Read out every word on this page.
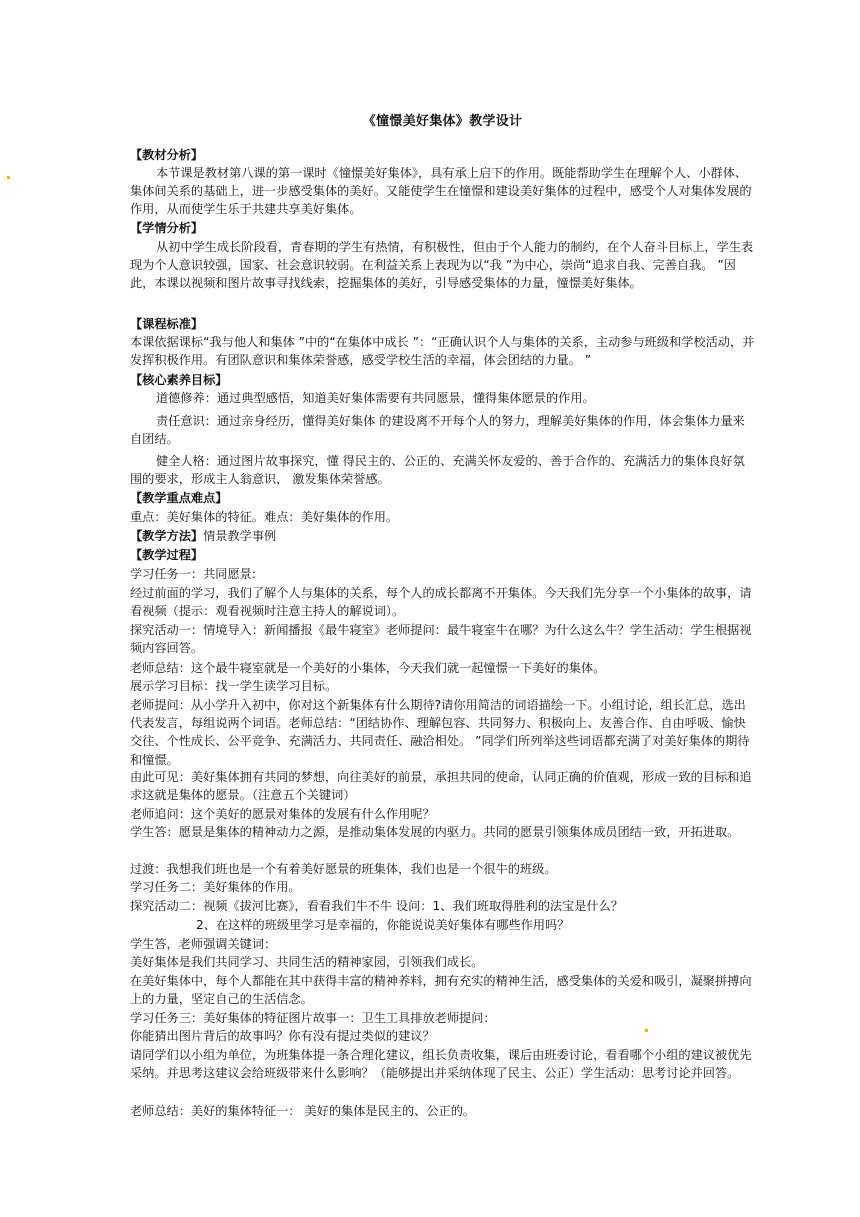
《憧憬美好集体》教学设计
【教材分析】

本节课是教材第八课的第一课时《憧憬美好集体》，具有承上启下的作用。既能帮助学生在理解个人、小群体、集体间关系的基础上，进一步感受集体的美好。又能使学生在憧憬和建设美好集体的过程中，感受个人对集体发展的作用，从而使学生乐于共建共享美好集体。

【学情分析】

从初中学生成长阶段看，青春期的学生有热情，有积极性，但由于个人能力的制约，在个人奋斗目标上，学生表现为个人意识较强，国家、社会意识较弱。在利益关系上表现为以“我 ”为中心，崇尚“追求自我、完善自我。 ”因此，本课以视频和图片故事寻找线索，挖掘集体的美好，引导感受集体的力量，憧憬美好集体。

【课程标准】

本课依据课标“我与他人和集体 ”中的“在集体中成长 ”：“正确认识个人与集体的关系，主动参与班级和学校活动，并发挥积极作用。有团队意识和集体荣誉感，感受学校生活的幸福，体会团结的力量。 ”

【核心素养目标】

道德修养：通过典型感悟，知道美好集体需要有共同愿景，懂得集体愿景的作用。

责任意识：通过亲身经历，懂得美好集体 的建设离不开每个人的努力，理解美好集体的作用，体会集体力量来自团结。

健全人格：通过图片故事探究，懂 得民主的、公正的、充满关怀友爱的、善于合作的、充满活力的集体良好氛围的要求，形成主人翁意识， 激发集体荣誉感。

【教学重点难点】

重点：美好集体的特征。难点：美好集体的作用。

【教学方法】情景教学事例
【教学过程】

学习任务一：共同愿景:

经过前面的学习，我们了解个人与集体的关系，每个人的成长都离不开集体。今天我们先分享一个小集体的故事，请看视频（提示：观看视频时注意主持人的解说词）。

探究活动一：情境导入：新闻播报《最牛寝室》老师提问：最牛寝室牛在哪？为什么这么牛？学生活动：学生根据视频内容回答。

老师总结：这个最牛寝室就是一个美好的小集体，今天我们就一起憧憬一下美好的集体。

展示学习目标：找一学生读学习目标。

老师提问：从小学升入初中，你对这个新集体有什么期待?请你用简洁的词语描绘一下。小组讨论，组长汇总，选出代表发言，每组说两个词语。老师总结：“团结协作、理解包容、共同努力、积极向上、友善合作、自由呼吸、愉快交往、个性成长、公平竞争、充满活力、共同责任、融洽相处。 ”同学们所列举这些词语都充满了对美好集体的期待和憧憬。

由此可见：美好集体拥有共同的梦想，向往美好的前景，承担共同的使命，认同正确的价值观，形成一致的目标和追求这就是集体的愿景。（注意五个关键词）

老师追问：这个美好的愿景对集体的发展有什么作用呢？

学生答：愿景是集体的精神动力之源，是推动集体发展的内驱力。共同的愿景引领集体成员团结一致，开拓进取。

过渡：我想我们班也是一个有着美好愿景的班集体，我们也是一个很牛的班级。

学习任务二：美好集体的作用。

探究活动二：视频《拔河比赛》，看看我们牛不牛 设问：1、我们班取得胜利的法宝是什么？

2、在这样的班级里学习是幸福的，你能说说美好集体有哪些作用吗？

学生答，老师强调关键词：

美好集体是我们共同学习、共同生活的精神家园，引领我们成长。

在美好集体中，每个人都能在其中获得丰富的精神养料，拥有充实的精神生活，感受集体的关爱和吸引，凝聚拼搏向上的力量，坚定自己的生活信念。

学习任务三：美好集体的特征图片故事一：卫生工具排放老师提问：

你能猜出图片背后的故事吗？你有没有提过类似的建议？

请同学们以小组为单位，为班集体提一条合理化建议，组长负责收集，课后由班委讨论，看看哪个小组的建议被优先采纳。并思考这建议会给班级带来什么影响？（能够提出并采纳体现了民主、公正）学生活动：思考讨论并回答。

老师总结：美好的集体特征一： 美好的集体是民主的、公正的。
